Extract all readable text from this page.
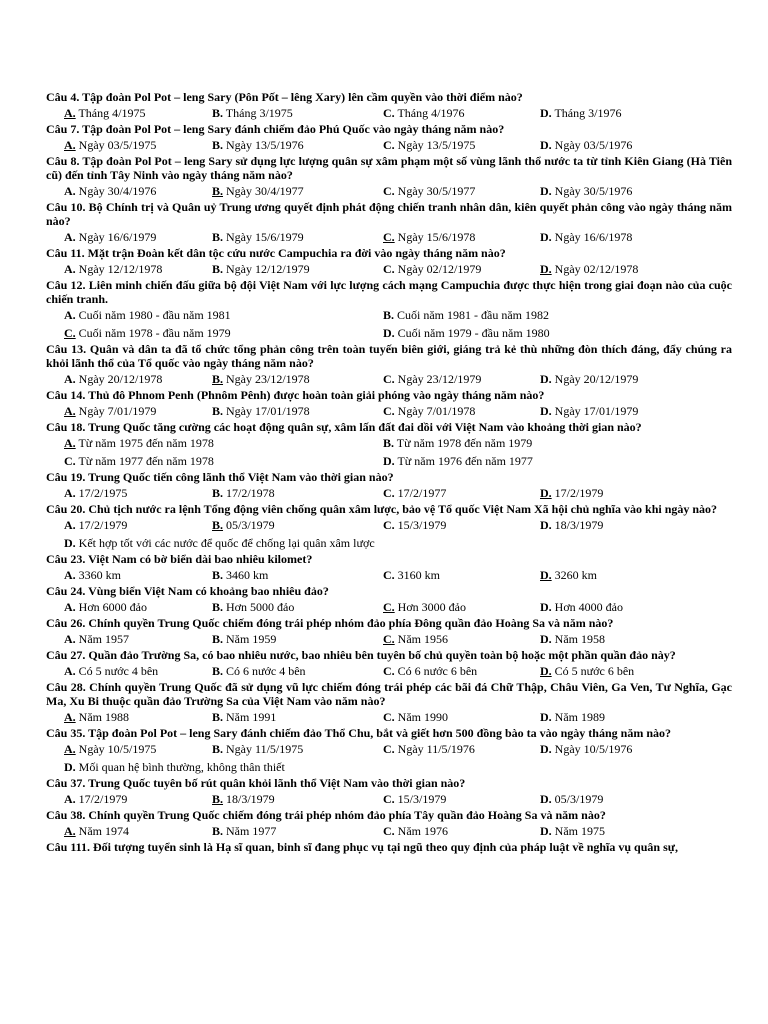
Câu 4. Tập đoàn Pol Pot – leng Sary (Pôn Pốt – lêng Xary) lên cầm quyền vào thời điểm nào?
A. Tháng 4/1975	B. Tháng 3/1975	C. Tháng 4/1976	D. Tháng 3/1976
Câu 7. Tập đoàn Pol Pot – leng Sary đánh chiếm đảo Phú Quốc vào ngày tháng năm nào?
A. Ngày 03/5/1975	B. Ngày 13/5/1976	C. Ngày 13/5/1975	D. Ngày 03/5/1976
Câu 8. Tập đoàn Pol Pot – leng Sary sử dụng lực lượng quân sự xâm phạm một số vùng lãnh thổ nước ta từ tỉnh Kiên Giang (Hà Tiên cũ) đến tỉnh Tây Ninh vào ngày tháng năm nào?
A. Ngày 30/4/1976	B. Ngày 30/4/1977	C. Ngày 30/5/1977	D. Ngày 30/5/1976
Câu 10. Bộ Chính trị và Quân uỷ Trung ương quyết định phát động chiến tranh nhân dân, kiên quyết phản công vào ngày tháng năm nào?
A. Ngày 16/6/1979	B. Ngày 15/6/1979	C. Ngày 15/6/1978	D. Ngày 16/6/1978
Câu 11. Mặt trận Đoàn kết dân tộc cứu nước Campuchia ra đời vào ngày tháng năm nào?
A. Ngày 12/12/1978	B. Ngày 12/12/1979	C. Ngày 02/12/1979	D. Ngày 02/12/1978
Câu 12. Liên minh chiến đấu giữa bộ đội Việt Nam với lực lượng cách mạng Campuchia được thực hiện trong giai đoạn nào của cuộc chiến tranh.
A. Cuối năm 1980 - đầu năm 1981	B. Cuối năm 1981 - đầu năm 1982
C. Cuối năm 1978 - đầu năm 1979	D. Cuối năm 1979 - đầu năm 1980
Câu 13. Quân và dân ta đã tổ chức tổng phản công trên toàn tuyến biên giới, giáng trả kẻ thù những đòn thích đáng, đẩy chúng ra khỏi lãnh thổ của Tổ quốc vào ngày tháng năm nào?
A. Ngày 20/12/1978	B. Ngày 23/12/1978	C. Ngày 23/12/1979	D. Ngày 20/12/1979
Câu 14. Thủ đô Phnom Penh (Phnôm Pênh) được hoàn toàn giải phóng vào ngày tháng năm nào?
A. Ngày 7/01/1979	B. Ngày 17/01/1978	C. Ngày 7/01/1978	D. Ngày 17/01/1979
Câu 18. Trung Quốc tăng cường các hoạt động quân sự, xâm lấn đất đai dồi với Việt Nam vào khoảng thời gian nào?
A. Từ năm 1975 đến năm 1978	B. Từ năm 1978 đến năm 1979
C. Từ năm 1977 đến năm 1978	D. Từ năm 1976 đến năm 1977
Câu 19. Trung Quốc tiến công lãnh thổ Việt Nam vào thời gian nào?
A. 17/2/1975	B. 17/2/1978	C. 17/2/1977	D. 17/2/1979
Câu 20. Chủ tịch nước ra lệnh Tổng động viên chống quân xâm lược, bảo vệ Tổ quốc Việt Nam Xã hội chủ nghĩa vào khi ngày nào?
A. 17/2/1979	B. 05/3/1979	C. 15/3/1979	D. 18/3/1979
D. Kết hợp tốt với các nước để quốc để chống lại quân xâm lược
Câu 23. Việt Nam có bờ biển dài bao nhiêu kilomet?
A. 3360 km	B. 3460 km	C. 3160 km	D. 3260 km
Câu 24. Vùng biển Việt Nam có khoảng bao nhiêu đảo?
A. Hơn 6000 đảo	B. Hơn 5000 đảo	C. Hơn 3000 đảo	D. Hơn 4000 đảo
Câu 26. Chính quyền Trung Quốc chiếm đóng trái phép nhóm đảo phía Đông quần đảo Hoàng Sa và năm nào?
A. Năm 1957	B. Năm 1959	C. Năm 1956	D. Năm 1958
Câu 27. Quần đảo Trường Sa, có bao nhiêu nước, bao nhiêu bên tuyên bố chủ quyền toàn bộ hoặc một phần quần đảo này?
A. Có 5 nước 4 bên	B. Có 6 nước 4 bên	C. Có 6 nước 6 bên	D. Có 5 nước 6 bên
Câu 28. Chính quyền Trung Quốc đã sử dụng vũ lực chiếm đóng trái phép các bãi đá Chữ Thập, Châu Viên, Ga Ven, Tư Nghĩa, Gạc Ma, Xu Bi thuộc quần đảo Trường Sa của Việt Nam vào năm nào?
A. Năm 1988	B. Năm 1991	C. Năm 1990	D. Năm 1989
Câu 35. Tập đoàn Pol Pot – leng Sary đánh chiếm đảo Thổ Chu, bắt và giết hơn 500 đồng bào ta vào ngày tháng năm nào?
A. Ngày 10/5/1975	B. Ngày 11/5/1975	C. Ngày 11/5/1976	D. Ngày 10/5/1976
D. Mối quan hệ bình thường, không thân thiết
Câu 37. Trung Quốc tuyên bố rút quân khỏi lãnh thổ Việt Nam vào thời gian nào?
A. 17/2/1979	B. 18/3/1979	C. 15/3/1979	D. 05/3/1979
Câu 38. Chính quyền Trung Quốc chiếm đóng trái phép nhóm đảo phía Tây quần đảo Hoàng Sa và năm nào?
A. Năm 1974	B. Năm 1977	C. Năm 1976	D. Năm 1975
Câu 111. Đối tượng tuyển sinh là Hạ sĩ quan, binh sĩ đang phục vụ tại ngũ theo quy định của pháp luật về nghĩa vụ quân sự,
